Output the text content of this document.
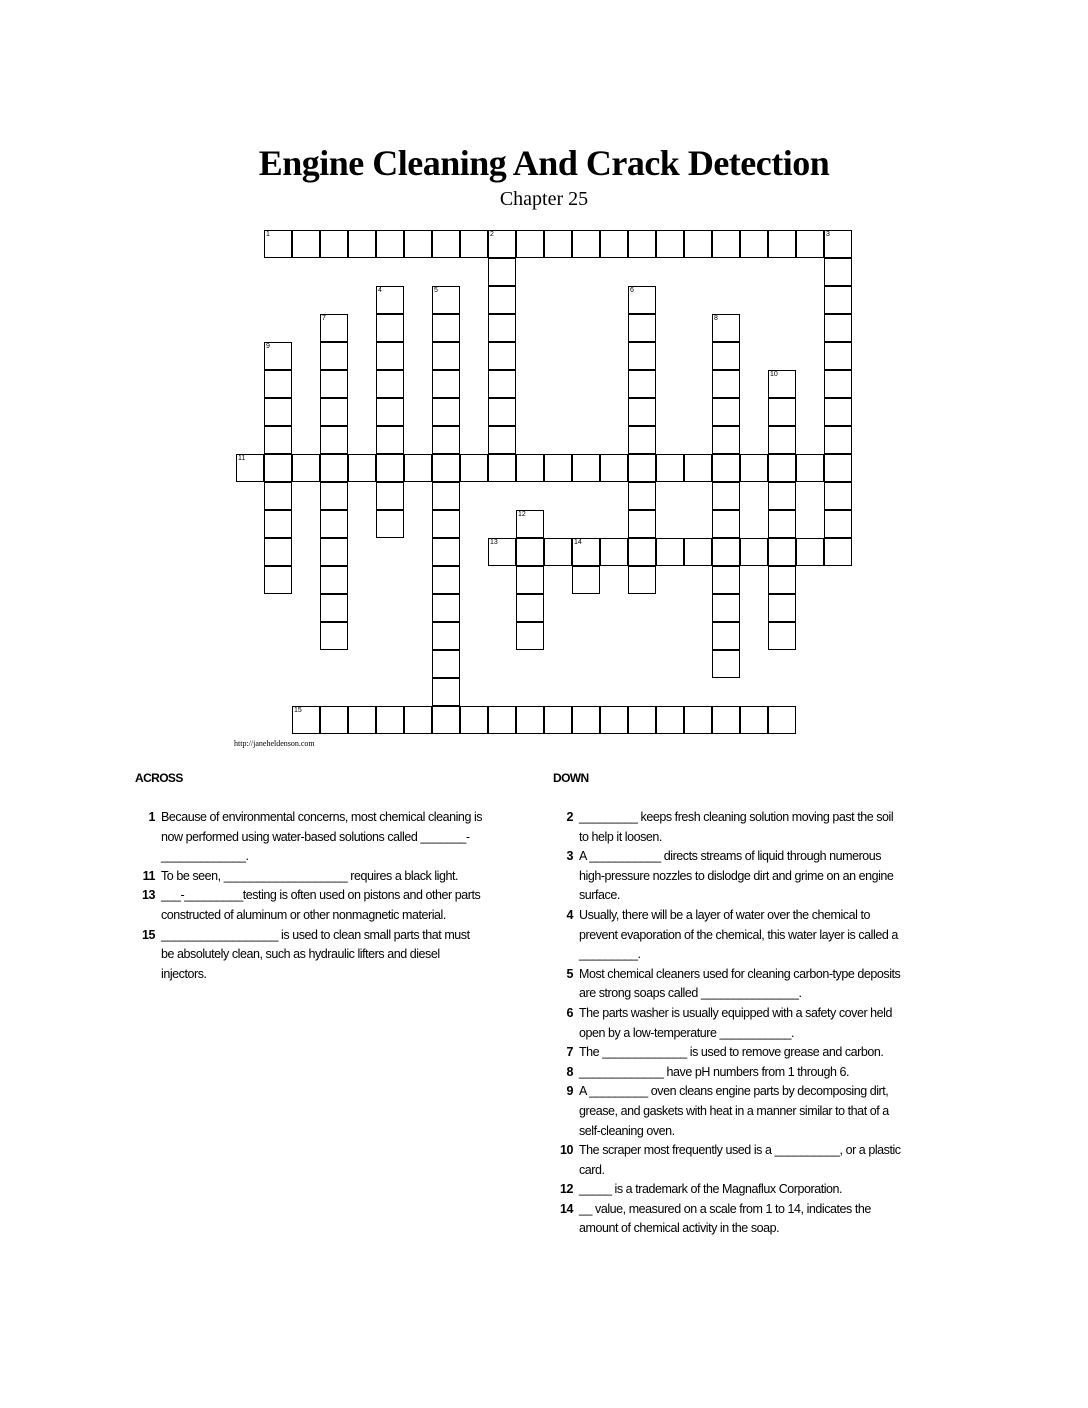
Engine Cleaning And Crack Detection
Chapter 25
1	2	3
4	5	6
7	8
9
10
11
12
13	14
15
http://janeheldenson.com
ACROSS	DOWN
1 Because of environmental concerns, most chemical cleaning is now performed using water-based solutions called _______-_____________.
11 To be seen, ___________________ requires a black light.
13 ___-_________testing is often used on pistons and other parts constructed of aluminum or other nonmagnetic material.
15 __________________ is used to clean small parts that must be absolutely clean, such as hydraulic lifters and diesel injectors.
2 _________ keeps fresh cleaning solution moving past the soil to help it loosen.
3 A ___________ directs streams of liquid through numerous high-pressure nozzles to dislodge dirt and grime on an engine surface.
4 Usually, there will be a layer of water over the chemical to prevent evaporation of the chemical, this water layer is called a _________.
5 Most chemical cleaners used for cleaning carbon-type deposits are strong soaps called _______________.
6 The parts washer is usually equipped with a safety cover held open by a low-temperature ___________.
7 The _____________ is used to remove grease and carbon.
8 _____________ have pH numbers from 1 through 6.
9 A _________ oven cleans engine parts by decomposing dirt, grease, and gaskets with heat in a manner similar to that of a self-cleaning oven.
10 The scraper most frequently used is a __________, or a plastic card.
12 _____ is a trademark of the Magnaflux Corporation.
14 __ value, measured on a scale from 1 to 14, indicates the amount of chemical activity in the soap.
